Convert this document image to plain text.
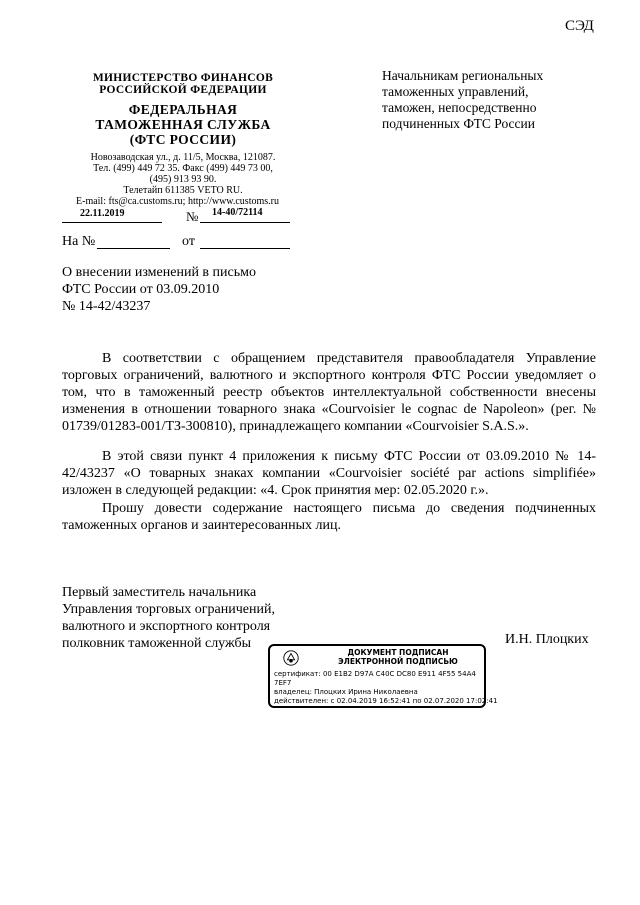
СЭД
МИНИСТЕРСТВО ФИНАНСОВ
РОССИЙСКОЙ ФЕДЕРАЦИИ
ФЕДЕРАЛЬНАЯ
ТАМОЖЕННАЯ СЛУЖБА
(ФТС РОССИИ)
Новозаводская ул., д. 11/5, Москва, 121087.
Тел. (499) 449 72 35. Факс (499) 449 73 00,
(495) 913 93 90.
Телетайп 611385 VETO RU.
E-mail: fts@ca.customs.ru; http://www.customs.ru
22.11.2019	№ 14-40/72114
На №	от
Начальникам региональных
таможенных управлений,
таможен, непосредственно
подчиненных ФТС России
О внесении изменений в письмо
ФТС России от 03.09.2010
№ 14-42/43237
В соответствии с обращением представителя правообладателя Управление торговых ограничений, валютного и экспортного контроля ФТС России уведомляет о том, что в таможенный реестр объектов интеллектуальной собственности внесены изменения в отношении товарного знака «Courvoisier le cognac de Napoleon» (рег. № 01739/01283-001/ТЗ-300810), принадлежащего компании «Courvoisier S.A.S.».
В этой связи пункт 4 приложения к письму ФТС России от 03.09.2010 № 14-42/43237 «О товарных знаках компании «Courvoisier société par actions simplifiée» изложен в следующей редакции: «4. Срок принятия мер: 02.05.2020 г.».
Прошу довести содержание настоящего письма до сведения подчиненных таможенных органов и заинтересованных лиц.
Первый заместитель начальника
Управления торговых ограничений,
валютного и экспортного контроля
полковник таможенной службы	И.Н. Плоцких
ДОКУМЕНТ ПОДПИСАН ЭЛЕКТРОННОЙ ПОДПИСЬЮ
сертификат: 00 E1B2 D97A C40C DC80 E911 4F55 54A4
7EF7
владелец: Плоцких Ирина Николаевна
действителен: с 02.04.2019 16:52:41 по 02.07.2020 17:02:41
